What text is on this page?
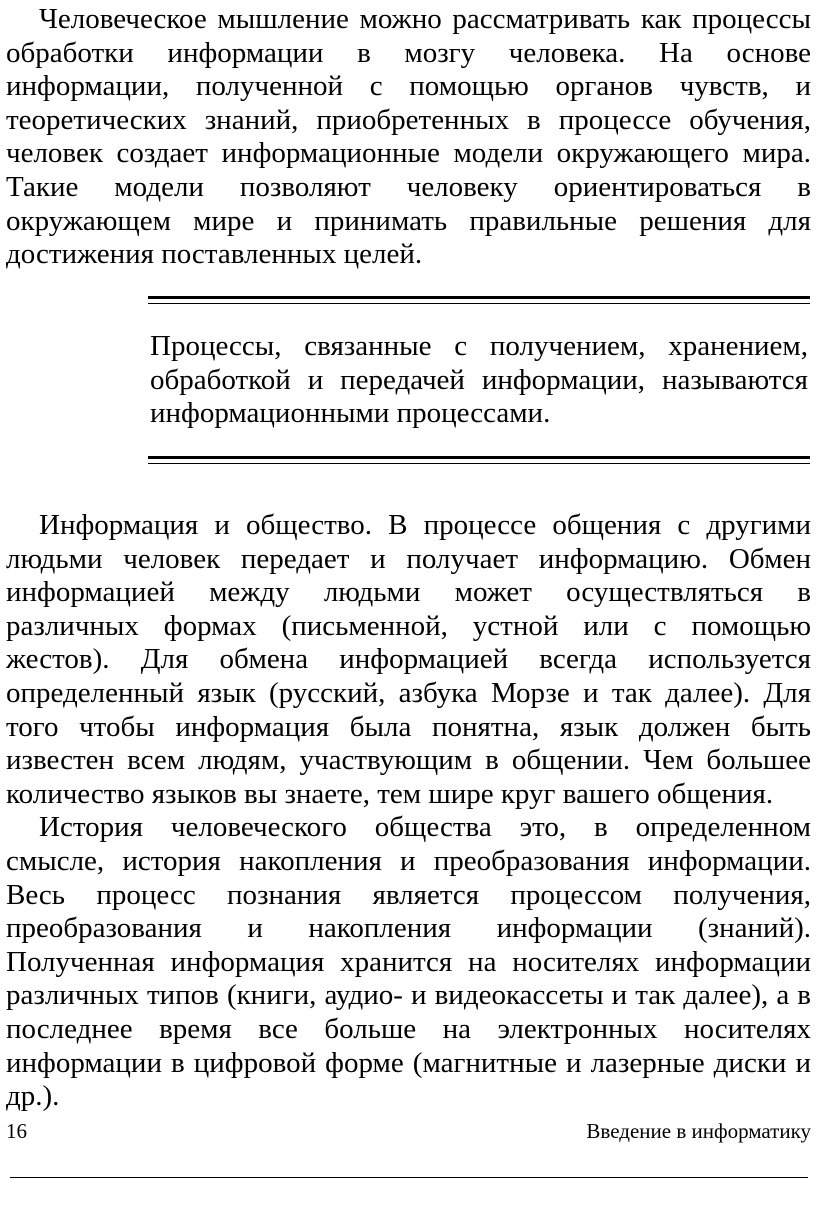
Человеческое мышление можно рассматривать как процессы обработки информации в мозгу человека. На основе информации, полученной с помощью органов чувств, и теоретических знаний, приобретенных в процессе обучения, человек создает информационные модели окружающего мира. Такие модели позволяют человеку ориентироваться в окружающем мире и принимать правильные решения для достижения поставленных целей.

Процессы, связанные с получением, хранением, обработкой и передачей информации, называются информационными процессами.

Информация и общество. В процессе общения с другими людьми человек передает и получает информацию. Обмен информацией между людьми может осуществляться в различных формах (письменной, устной или с помощью жестов). Для обмена информацией всегда используется определенный язык (русский, азбука Морзе и так далее). Для того чтобы информация была понятна, язык должен быть известен всем людям, участвующим в общении. Чем большее количество языков вы знаете, тем шире круг вашего общения.

История человеческого общества это, в определенном смысле, история накопления и преобразования информации. Весь процесс познания является процессом получения, преобразования и накопления информации (знаний). Полученная информация хранится на носителях информации различных типов (книги, аудио- и видеокассеты и так далее), а в последнее время все больше на электронных носителях информации в цифровой форме (магнитные и лазерные диски и др.).

16	Введение в информатику
